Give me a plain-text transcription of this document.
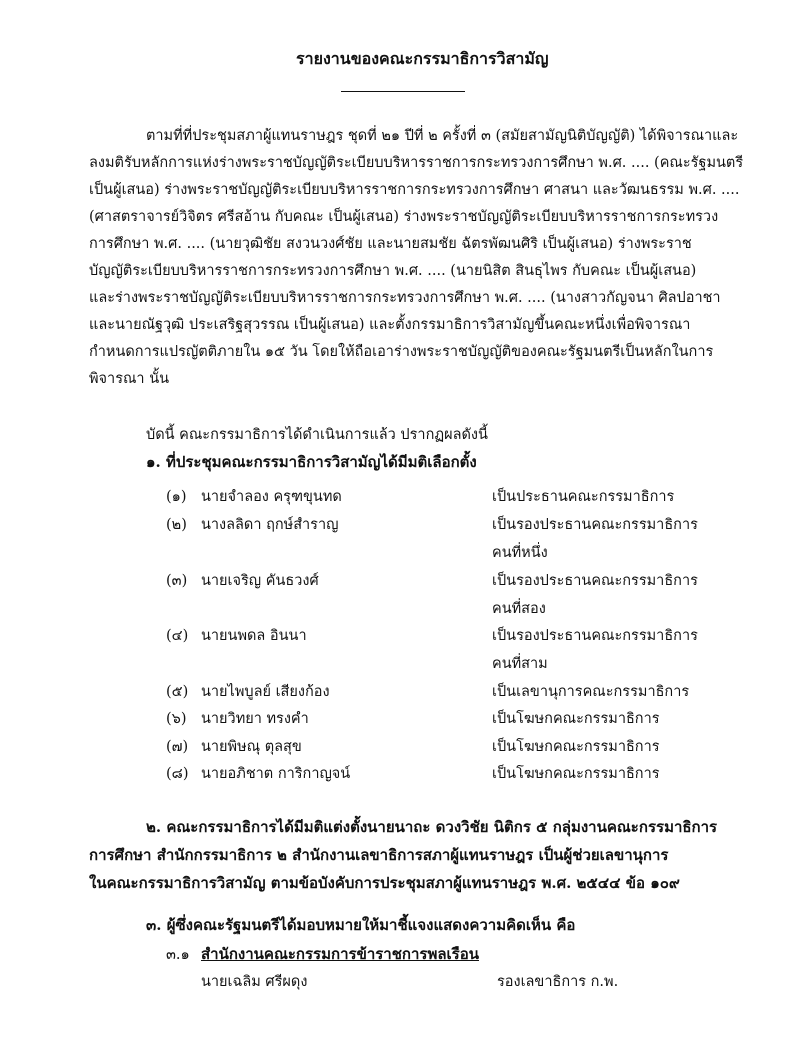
รายงานของคณะกรรมาธิการวิสามัญ
ตามที่ที่ประชุมสภาผู้แทนราษฎร ชุดที่ ๒๑ ปีที่ ๒ ครั้งที่ ๓ (สมัยสามัญนิติบัญญัติ) ได้พิจารณาและ
ลงมติรับหลักการแห่งร่างพระราชบัญญัติระเบียบบริหารราชการกระทรวงการศึกษา พ.ศ. .... (คณะรัฐมนตรี
เป็นผู้เสนอ) ร่างพระราชบัญญัติระเบียบบริหารราชการกระทรวงการศึกษา ศาสนา และวัฒนธรรม พ.ศ. ....
(ศาสตราจารย์วิจิตร ศรีสอ้าน กับคณะ เป็นผู้เสนอ) ร่างพระราชบัญญัติระเบียบบริหารราชการกระทรวง
การศึกษา พ.ศ. .... (นายวุฒิชัย สงวนวงศ์ชัย และนายสมชัย ฉัตรพัฒนศิริ เป็นผู้เสนอ) ร่างพระราช
บัญญัติระเบียบบริหารราชการกระทรวงการศึกษา พ.ศ. .... (นายนิสิต สินธุไพร กับคณะ เป็นผู้เสนอ)
และร่างพระราชบัญญัติระเบียบบริหารราชการกระทรวงการศึกษา พ.ศ. .... (นางสาวกัญจนา ศิลปอาชา
และนายณัฐวุฒิ ประเสริฐสุวรรณ เป็นผู้เสนอ) และตั้งกรรมาธิการวิสามัญขึ้นคณะหนึ่งเพื่อพิจารณา
กำหนดการแปรญัตติภายใน ๑๕ วัน โดยให้ถือเอาร่างพระราชบัญญัติของคณะรัฐมนตรีเป็นหลักในการ
พิจารณา นั้น
บัดนี้ คณะกรรมาธิการได้ดำเนินการแล้ว ปรากฏผลดังนี้
๑. ที่ประชุมคณะกรรมาธิการวิสามัญได้มีมติเลือกตั้ง
(๑) นายจำลอง ครุฑขุนทด	เป็นประธานคณะกรรมาธิการ
(๒) นางลลิดา ฤกษ์สำราญ	เป็นรองประธานคณะกรรมาธิการ
คนที่หนึ่ง
(๓) นายเจริญ คันธวงศ์	เป็นรองประธานคณะกรรมาธิการ
คนที่สอง
(๔) นายนพดล อินนา	เป็นรองประธานคณะกรรมาธิการ
คนที่สาม
(๕) นายไพบูลย์ เสียงก้อง	เป็นเลขานุการคณะกรรมาธิการ
(๖) นายวิทยา ทรงคำ	เป็นโฆษกคณะกรรมาธิการ
(๗) นายพิษณุ ตุลสุข	เป็นโฆษกคณะกรรมาธิการ
(๘) นายอภิชาต การิกาญจน์	เป็นโฆษกคณะกรรมาธิการ
๒. คณะกรรมาธิการได้มีมติแต่งตั้งนายนาถะ ดวงวิชัย นิติกร ๕ กลุ่มงานคณะกรรมาธิการ
การศึกษา สำนักกรรมาธิการ ๒ สำนักงานเลขาธิการสภาผู้แทนราษฎร เป็นผู้ช่วยเลขานุการ
ในคณะกรรมาธิการวิสามัญ ตามข้อบังคับการประชุมสภาผู้แทนราษฎร พ.ศ. ๒๕๔๔ ข้อ ๑๐๙
๓. ผู้ซึ่งคณะรัฐมนตรีได้มอบหมายให้มาชี้แจงแสดงความคิดเห็น คือ
๓.๑ สำนักงานคณะกรรมการข้าราชการพลเรือน
นายเฉลิม ศรีผดุง	รองเลขาธิการ ก.พ.
